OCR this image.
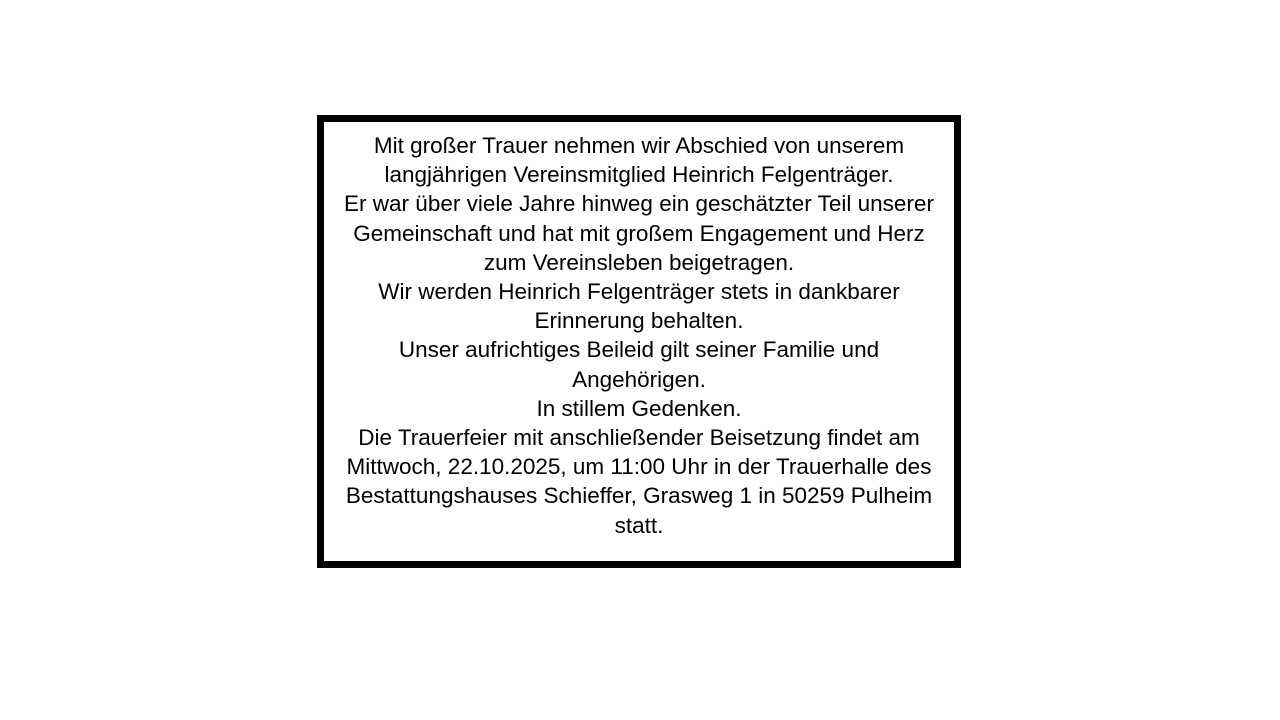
Mit großer Trauer nehmen wir Abschied von unserem langjährigen Vereinsmitglied Heinrich Felgenträger.
Er war über viele Jahre hinweg ein geschätzter Teil unserer Gemeinschaft und hat mit großem Engagement und Herz zum Vereinsleben beigetragen.
Wir werden Heinrich Felgenträger stets in dankbarer Erinnerung behalten.
Unser aufrichtiges Beileid gilt seiner Familie und Angehörigen.
In stillem Gedenken.
Die Trauerfeier mit anschließender Beisetzung findet am Mittwoch, 22.10.2025, um 11:00 Uhr in der Trauerhalle des Bestattungshauses Schieffer, Grasweg 1 in 50259 Pulheim statt.
